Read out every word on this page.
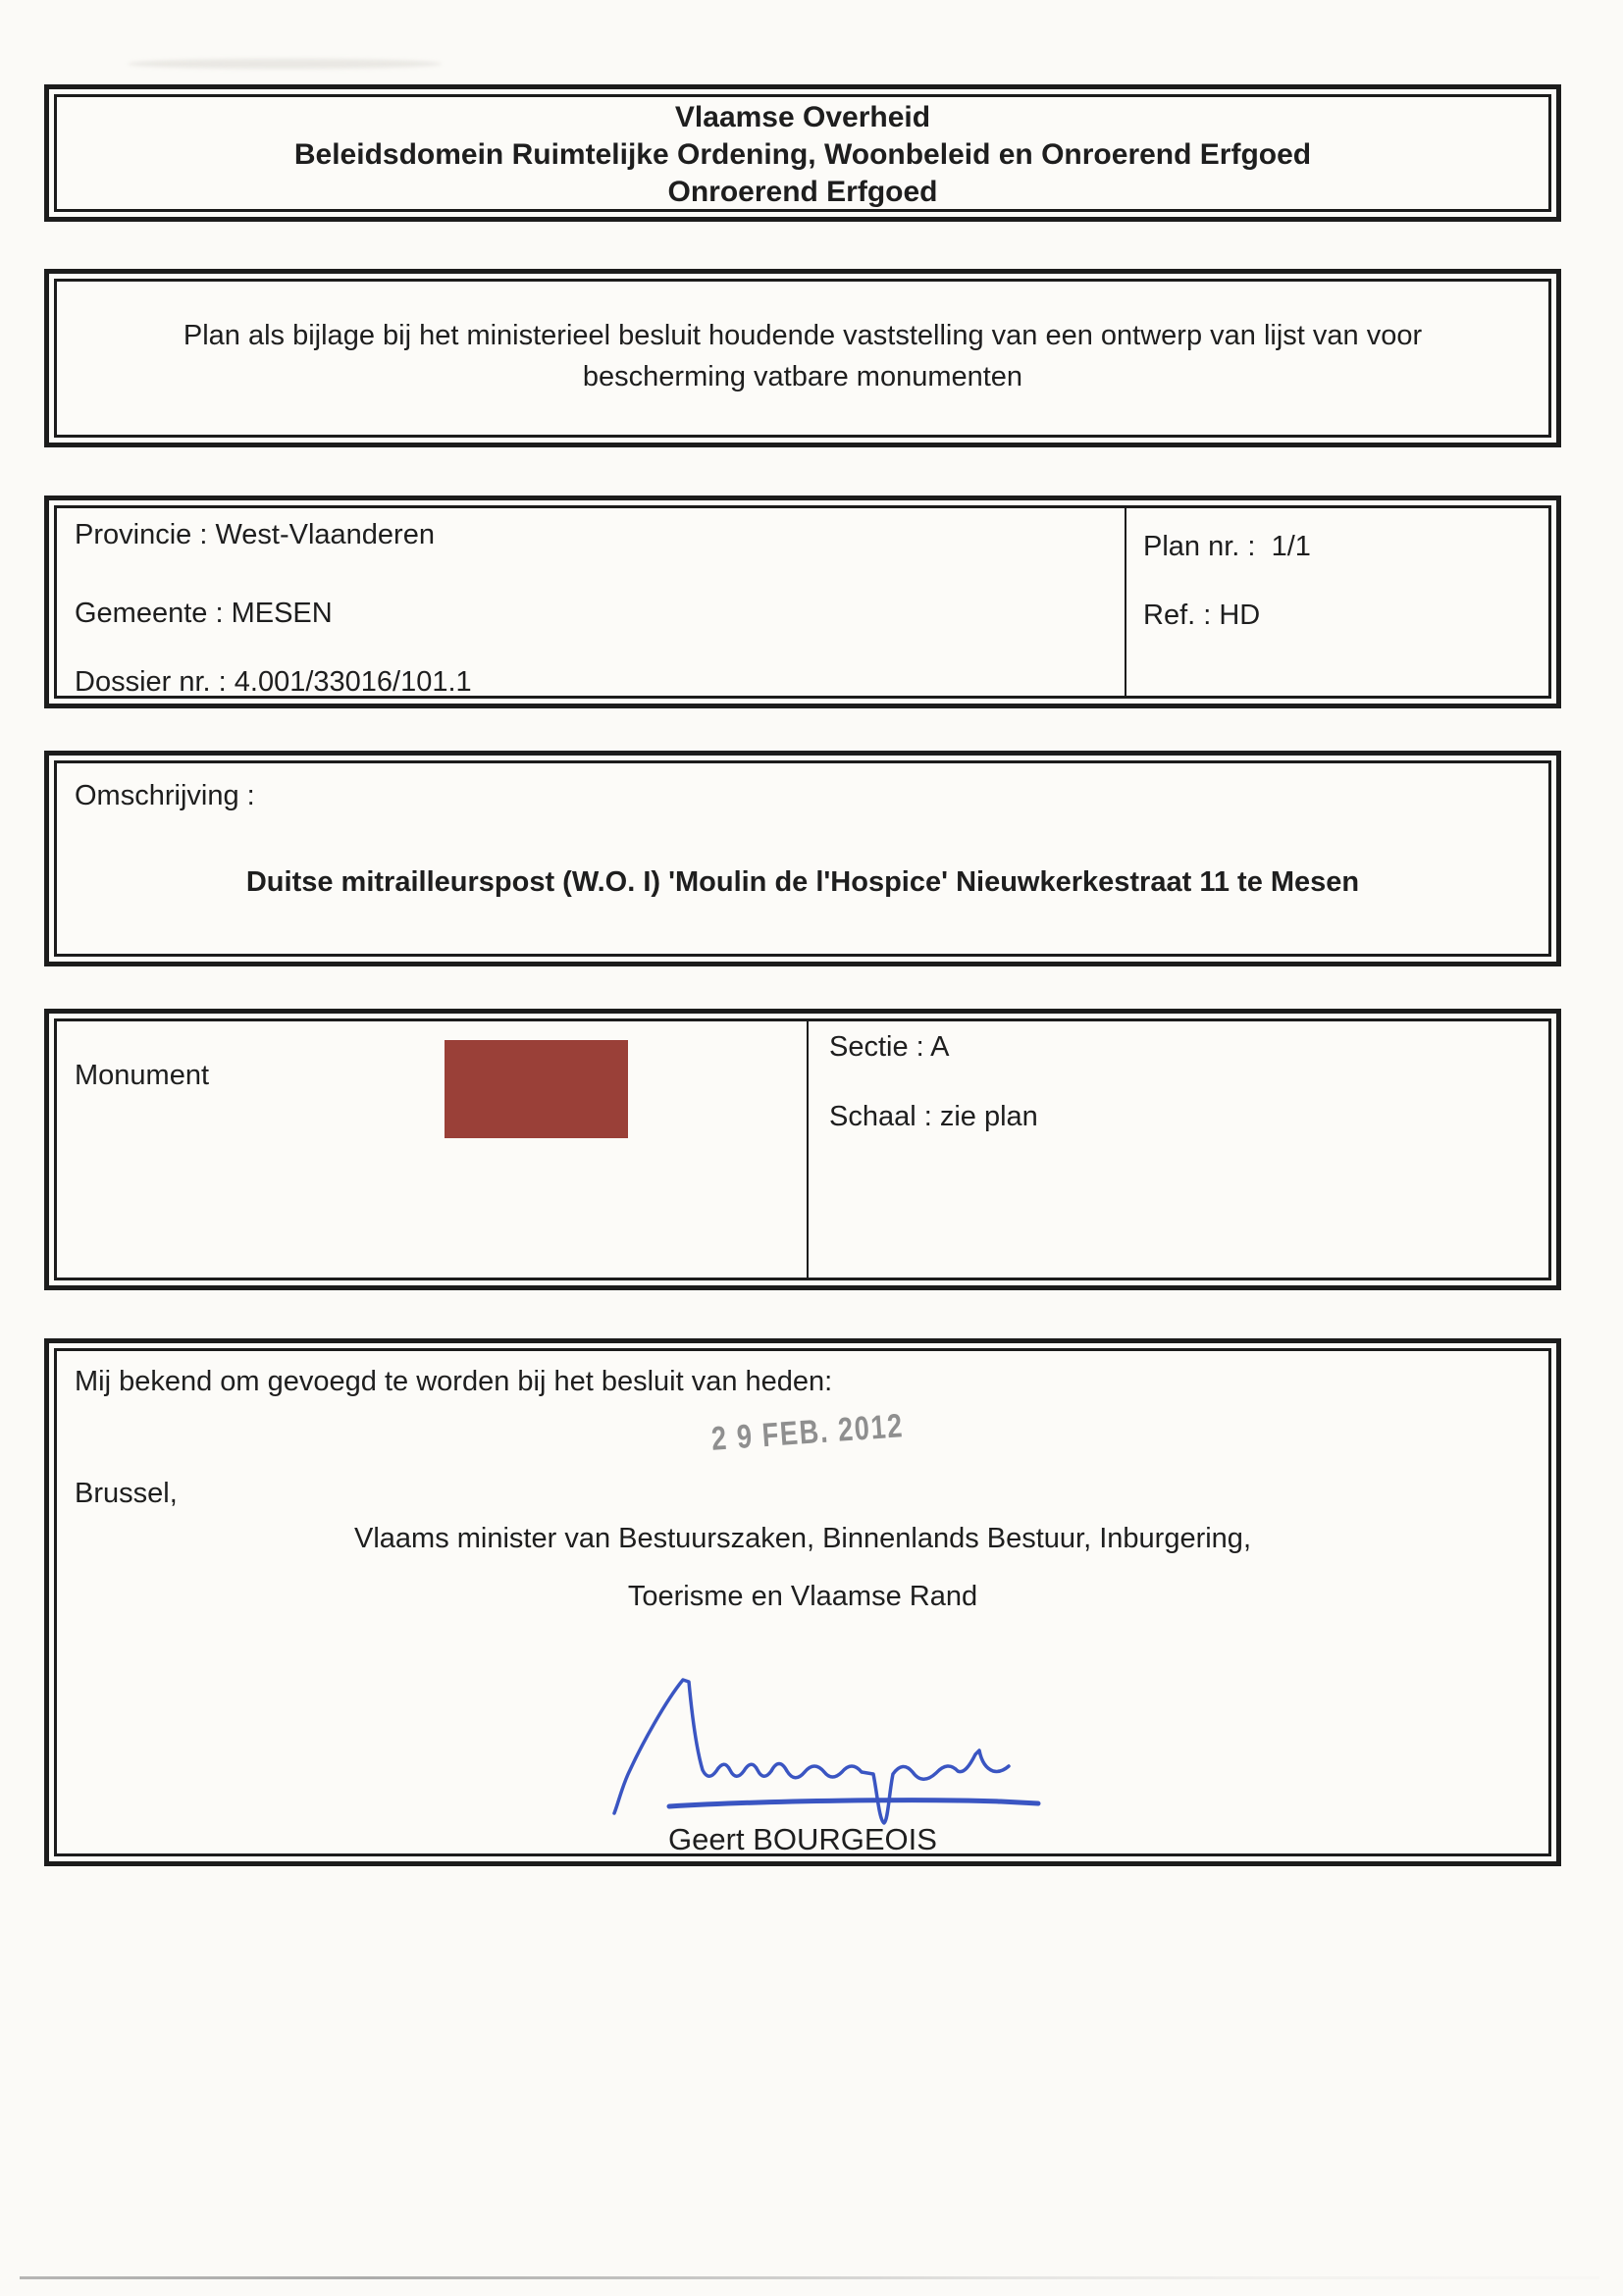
Vlaamse Overheid
Beleidsdomein Ruimtelijke Ordening, Woonbeleid en Onroerend Erfgoed
Onroerend Erfgoed
Plan als bijlage bij het ministerieel besluit houdende vaststelling van een ontwerp van lijst van voor bescherming vatbare monumenten
Provincie : West-Vlaanderen
Gemeente : MESEN
Dossier nr. : 4.001/33016/101.1
Plan nr. :  1/1
Ref. : HD
Omschrijving :
Duitse mitrailleurspost (W.O. I) 'Moulin de l'Hospice' Nieuwkerkestraat 11 te Mesen
Monument
Sectie : A
Schaal : zie plan
Mij bekend om gevoegd te worden bij het besluit van heden:
2 9 FEB. 2012
Brussel,
Vlaams minister van Bestuurszaken, Binnenlands Bestuur, Inburgering,
Toerisme en Vlaamse Rand
Geert BOURGEOIS
